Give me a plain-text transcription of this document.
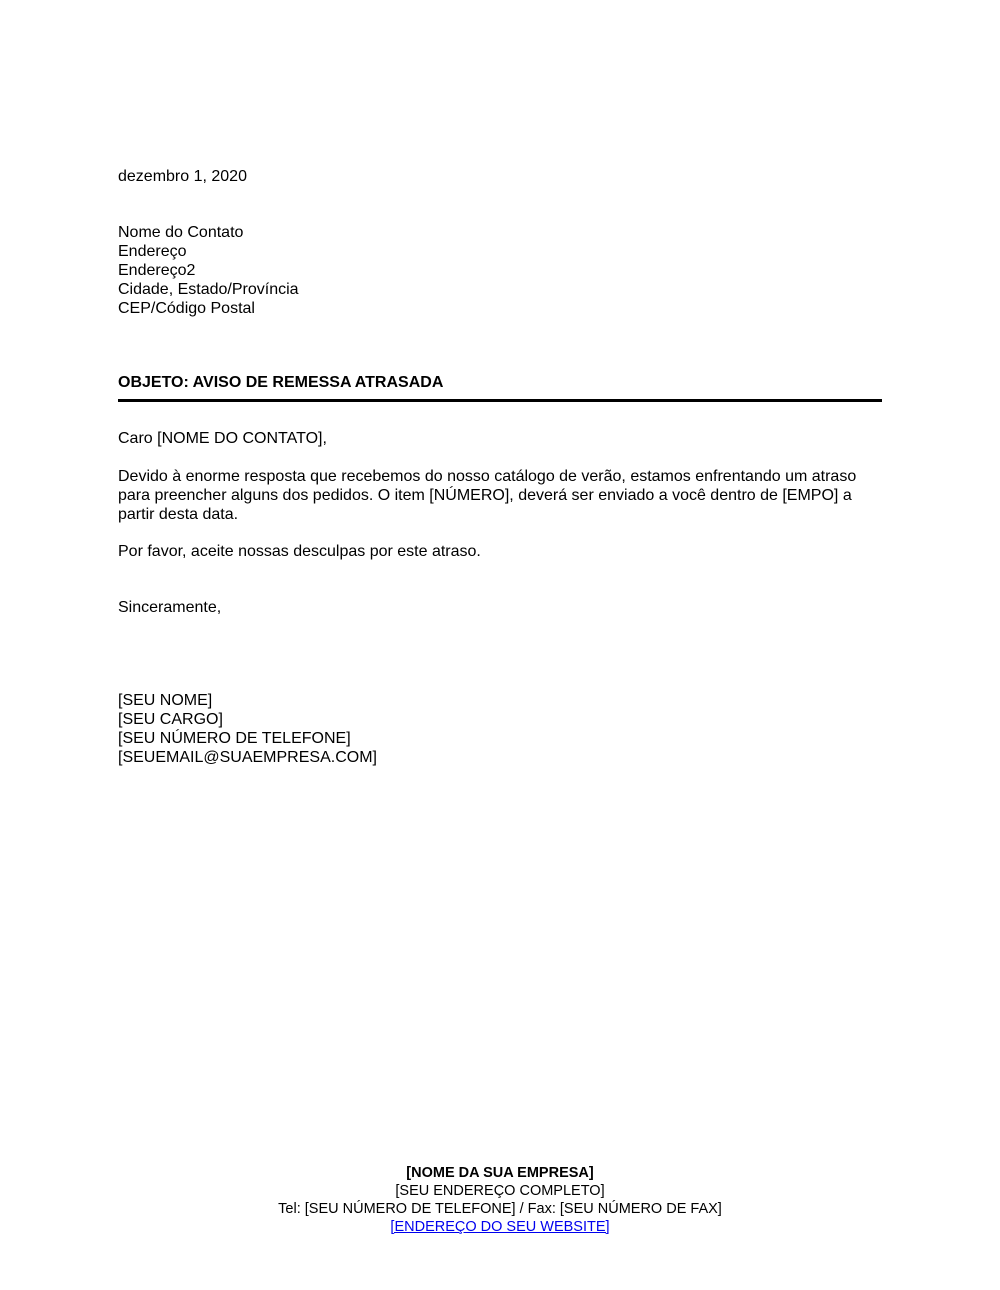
dezembro 1, 2020
Nome do Contato
Endereço
Endereço2
Cidade, Estado/Província
CEP/Código Postal
OBJETO: AVISO DE REMESSA ATRASADA
Caro [NOME DO CONTATO],
Devido à enorme resposta que recebemos do nosso catálogo de verão, estamos enfrentando um atraso
para preencher alguns dos pedidos. O item [NÚMERO], deverá ser enviado a você dentro de [EMPO] a
partir desta data.
Por favor, aceite nossas desculpas por este atraso.
Sinceramente,
[SEU NOME]
[SEU CARGO]
[SEU NÚMERO DE TELEFONE]
[SEUEMAIL@SUAEMPRESA.COM]
[NOME DA SUA EMPRESA]
[SEU ENDEREÇO COMPLETO]
Tel: [SEU NÚMERO DE TELEFONE] / Fax: [SEU NÚMERO DE FAX]
[ENDEREÇO DO SEU WEBSITE]
